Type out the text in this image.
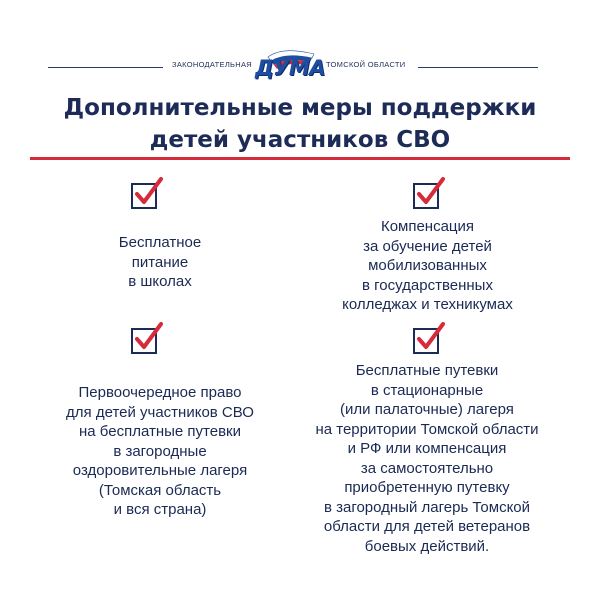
ЗАКОНОДАТЕЛЬНАЯ ДУМА ТОМСКОЙ ОБЛАСТИ
Дополнительные меры поддержки
детей участников СВО
Бесплатное
питание
в школах
Компенсация
за обучение детей
мобилизованных
в государственных
колледжах и техникумах
Первоочередное право
для детей участников СВО
на бесплатные путевки
в загородные
оздоровительные лагеря
(Томская область
и вся страна)
Бесплатные путевки
в стационарные
(или палаточные) лагеря
на территории Томской области
и РФ или компенсация
за самостоятельно
приобретенную путевку
в загородный лагерь Томской
области для детей ветеранов
боевых действий.
